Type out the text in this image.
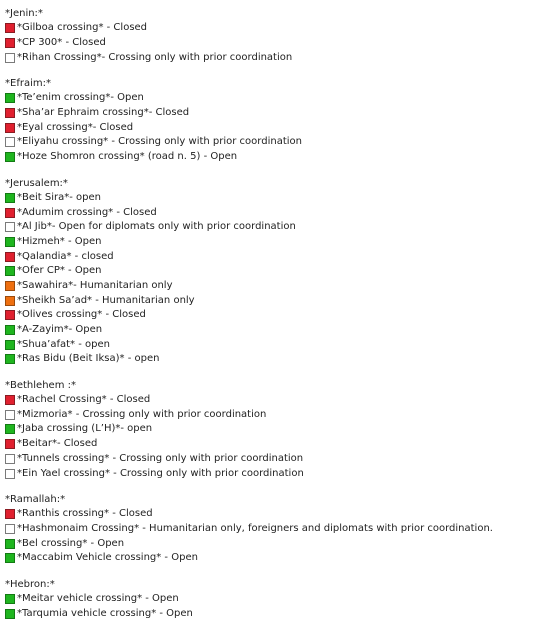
*Jenin:*
*Gilboa crossing* - Closed
*CP 300* - Closed
*Rihan Crossing*- Crossing only with prior coordination
*Efraim:*
*Te’enim crossing*- Open
*Sha’ar Ephraim crossing*- Closed
*Eyal crossing*- Closed
*Eliyahu crossing* - Crossing only with prior coordination
*Hoze Shomron crossing* (road n. 5) - Open
*Jerusalem:*
*Beit Sira*- open
*Adumim crossing* - Closed
*Al Jib*- Open for diplomats only with prior coordination
*Hizmeh* - Open
*Qalandia* - closed
*Ofer CP* - Open
*Sawahira*- Humanitarian only
*Sheikh Sa’ad* - Humanitarian only
*Olives crossing* - Closed
*A-Zayim*- Open
*Shua’afat* - open
*Ras Bidu (Beit Iksa)* - open
*Bethlehem :*
*Rachel Crossing* - Closed
*Mizmoria* - Crossing only with prior coordination
*Jaba crossing (L’H)*- open
*Beitar*- Closed
*Tunnels crossing* - Crossing only with prior coordination
*Ein Yael crossing* - Crossing only with prior coordination
*Ramallah:*
*Ranthis crossing* - Closed
*Hashmonaim Crossing* - Humanitarian only, foreigners and diplomats with prior coordination.
*Bel crossing* - Open
*Maccabim Vehicle crossing* - Open
*Hebron:*
*Meitar vehicle crossing* - Open
*Tarqumia vehicle crossing* - Open
